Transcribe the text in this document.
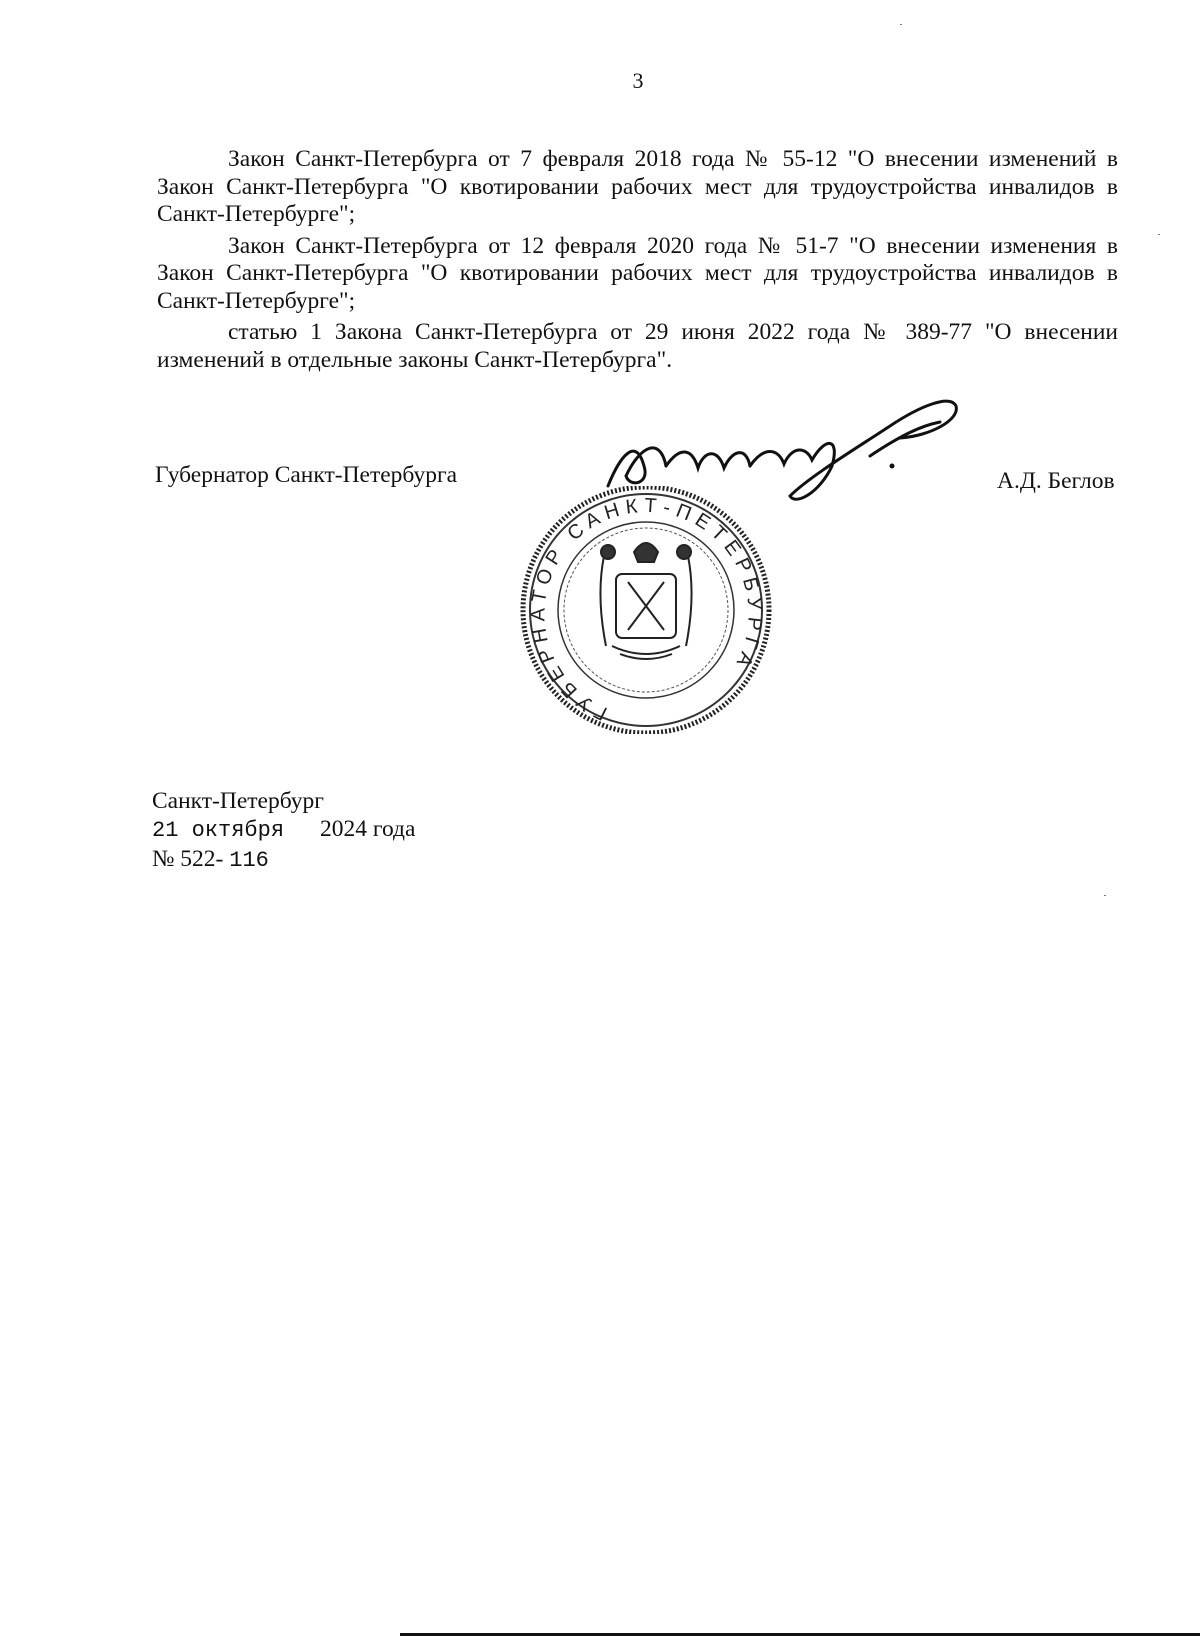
3

Закон Санкт-Петербурга от 7 февраля 2018 года № 55-12 "О внесении изменений в Закон Санкт-Петербурга "О квотировании рабочих мест для трудоустройства инвалидов в Санкт-Петербурге";

Закон Санкт-Петербурга от 12 февраля 2020 года № 51-7 "О внесении изменения в Закон Санкт-Петербурга "О квотировании рабочих мест для трудоустройства инвалидов в Санкт-Петербурге";

статью 1 Закона Санкт-Петербурга от 29 июня 2022 года № 389-77 "О внесении изменений в отдельные законы Санкт-Петербурга".

Губернатор Санкт-Петербурга	А.Д. Беглов
ГУБЕРНАТОР САНКТ-ПЕТЕРБУРГА
Санкт-Петербург
21 октября 2024 года
№ 522- 116
